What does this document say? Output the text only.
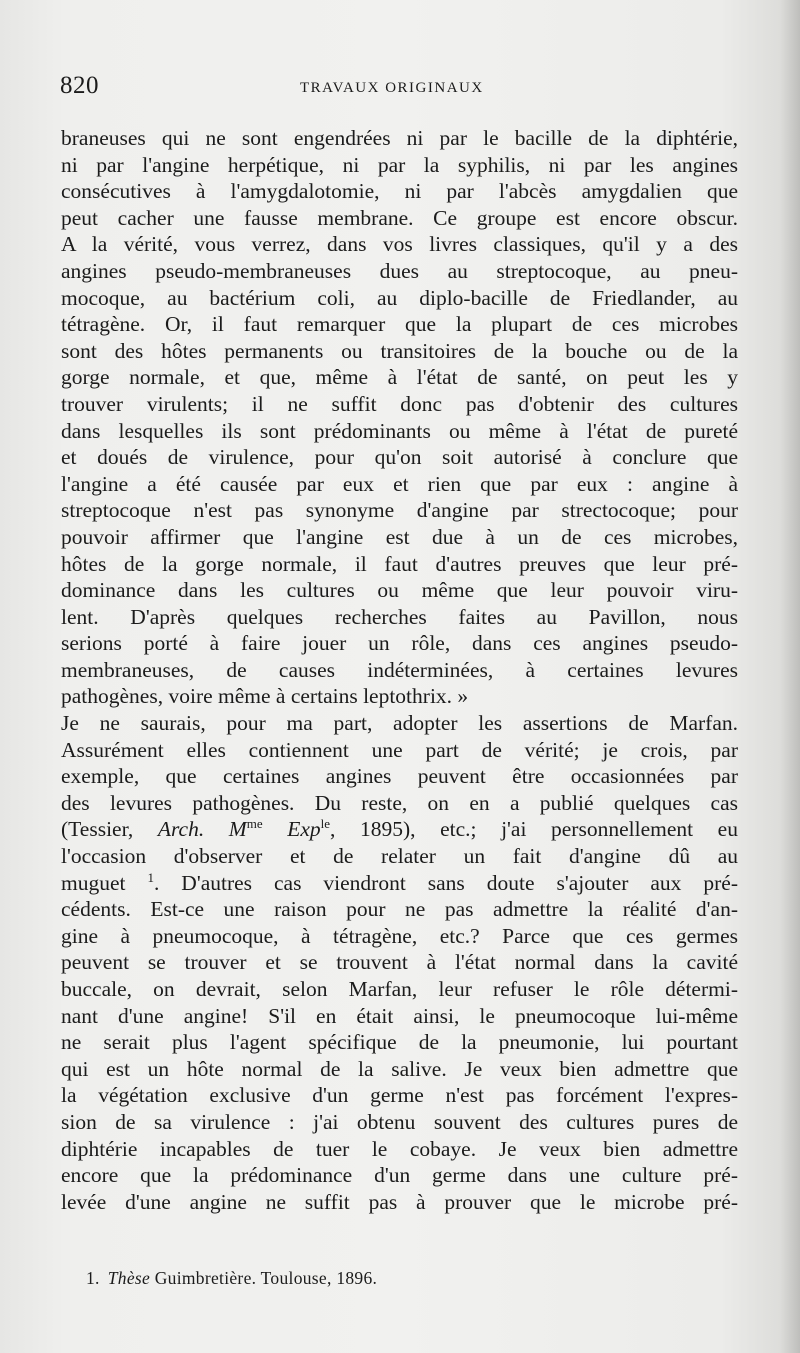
820	TRAVAUX ORIGINAUX
braneuses qui ne sont engendrées ni par le bacille de la diphtérie,
ni par l'angine herpétique, ni par la syphilis, ni par les angines
consécutives à l'amygdalotomie, ni par l'abcès amygdalien que
peut cacher une fausse membrane. Ce groupe est encore obscur.
A la vérité, vous verrez, dans vos livres classiques, qu'il y a des
angines pseudo-membraneuses dues au streptocoque, au pneu-
mocoque, au bactérium coli, au diplo-bacille de Friedlander, au
tétragène. Or, il faut remarquer que la plupart de ces microbes
sont des hôtes permanents ou transitoires de la bouche ou de la
gorge normale, et que, même à l'état de santé, on peut les y
trouver virulents; il ne suffit donc pas d'obtenir des cultures
dans lesquelles ils sont prédominants ou même à l'état de pureté
et doués de virulence, pour qu'on soit autorisé à conclure que
l'angine a été causée par eux et rien que par eux : angine à
streptocoque n'est pas synonyme d'angine par strectocoque; pour
pouvoir affirmer que l'angine est due à un de ces microbes,
hôtes de la gorge normale, il faut d'autres preuves que leur pré-
dominance dans les cultures ou même que leur pouvoir viru-
lent. D'après quelques recherches faites au Pavillon, nous
serions porté à faire jouer un rôle, dans ces angines pseudo-
membraneuses, de causes indéterminées, à certaines levures
pathogènes, voire même à certains leptothrix. »
Je ne saurais, pour ma part, adopter les assertions de Marfan.
Assurément elles contiennent une part de vérité; je crois, par
exemple, que certaines angines peuvent être occasionnées par
des levures pathogènes. Du reste, on en a publié quelques cas
(Tessier, Arch. $M^{me}$ Exp$^{le}$, 1895), etc.; j'ai personnellement eu
l'occasion d'observer et de relater un fait d'angine dû au
muguet $^1$. D'autres cas viendront sans doute s'ajouter aux pré-
cédents. Est-ce une raison pour ne pas admettre la réalité d'an-
gine à pneumocoque, à tétragène, etc.? Parce que ces germes
peuvent se trouver et se trouvent à l'état normal dans la cavité
buccale, on devrait, selon Marfan, leur refuser le rôle détermi-
nant d'une angine! S'il en était ainsi, le pneumocoque lui-même
ne serait plus l'agent spécifique de la pneumonie, lui pourtant
qui est un hôte normal de la salive. Je veux bien admettre que
la végétation exclusive d'un germe n'est pas forcément l'expres-
sion de sa virulence : j'ai obtenu souvent des cultures pures de
diphtérie incapables de tuer le cobaye. Je veux bien admettre
encore que la prédominance d'un germe dans une culture pré-
levée d'une angine ne suffit pas à prouver que le microbe pré-
1. Thèse Guimbretière. Toulouse, 1896.
